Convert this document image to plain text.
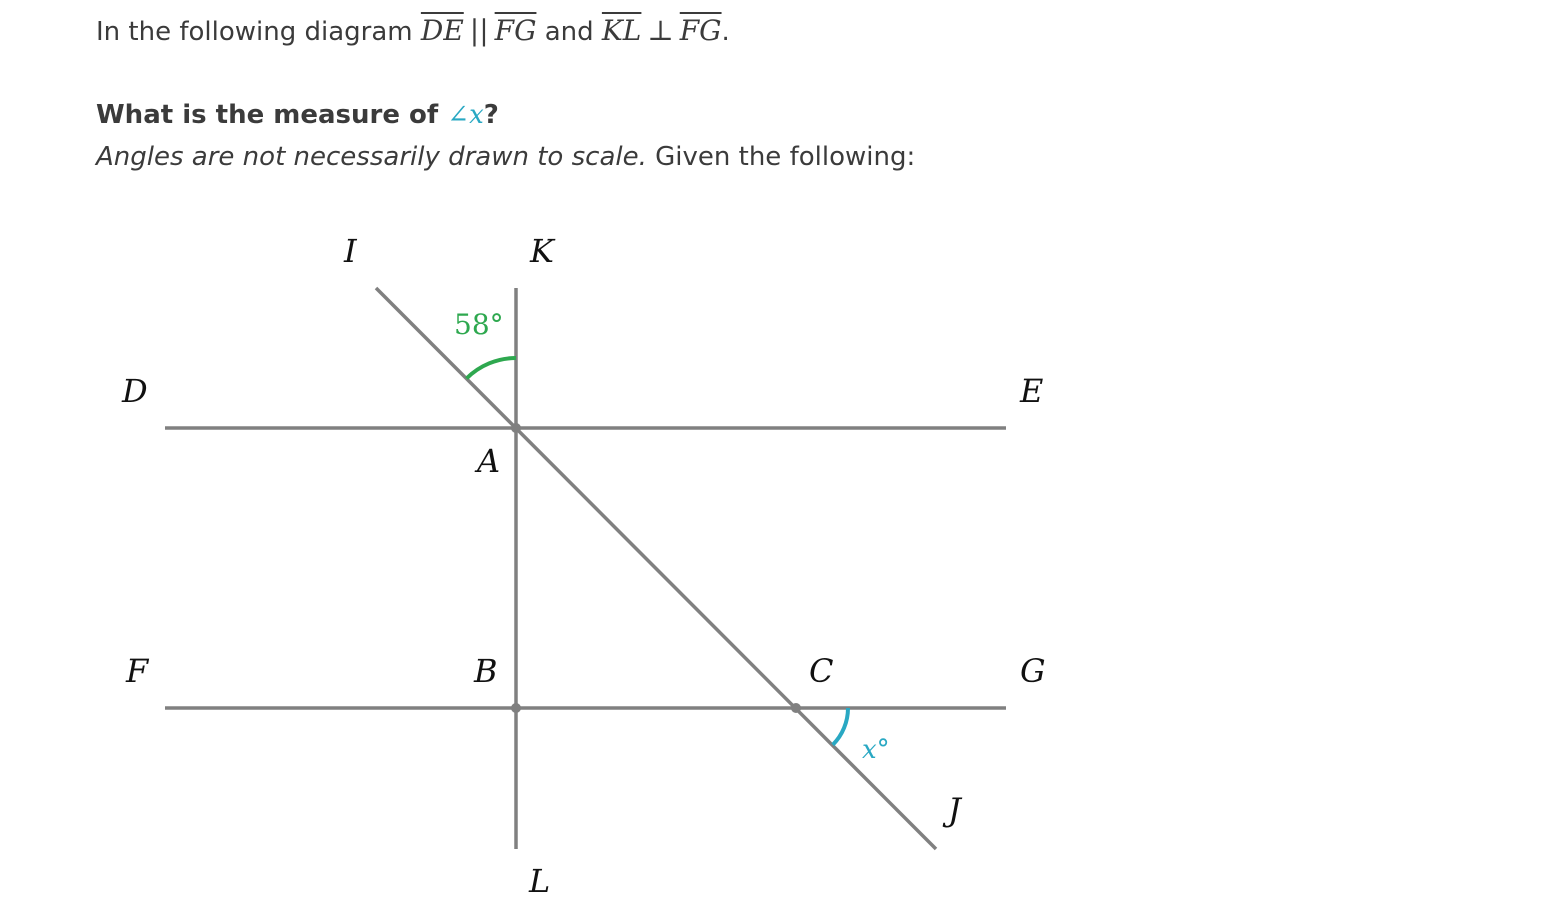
In the following diagram $\overline{DE}$ || $\overline{FG}$ and $\overline{KL}$ ⊥ $\overline{FG}$.
What is the measure of ∠x?
Angles are not necessarily drawn to scale. Given the following:
I	K
D	E
A
F	B	C	G
J
L
58°
x°
